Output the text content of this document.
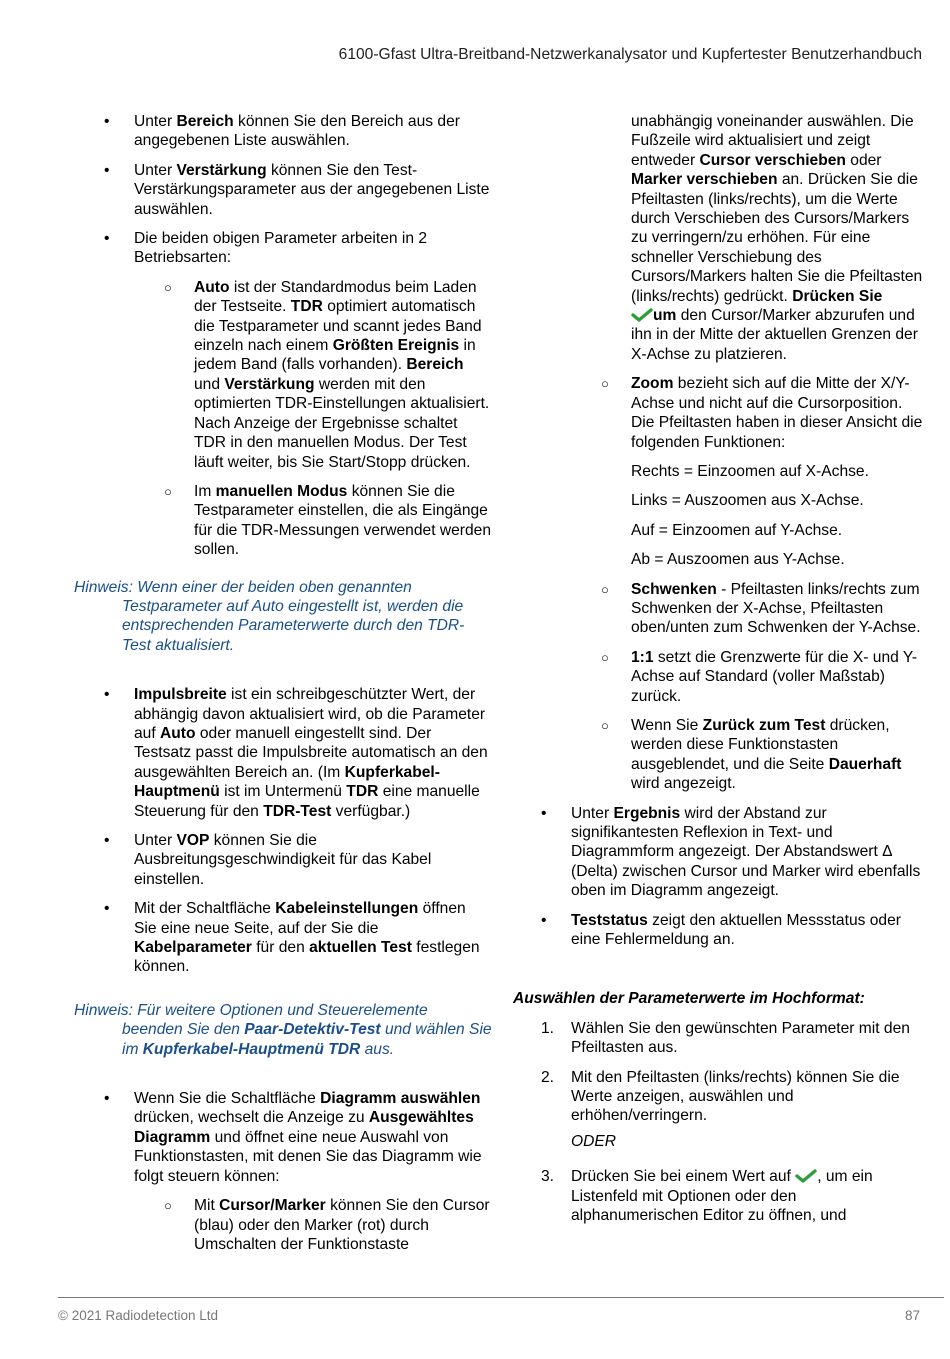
6100-Gfast Ultra-Breitband-Netzwerkanalysator und Kupfertester Benutzerhandbuch
• Unter Bereich können Sie den Bereich aus der angegebenen Liste auswählen.
• Unter Verstärkung können Sie den Test-Verstärkungsparameter aus der angegebenen Liste auswählen.
• Die beiden obigen Parameter arbeiten in 2 Betriebsarten:
○ Auto ist der Standardmodus beim Laden der Testseite. TDR optimiert automatisch die Testparameter und scannt jedes Band einzeln nach einem Größten Ereignis in jedem Band (falls vorhanden). Bereich und Verstärkung werden mit den optimierten TDR-Einstellungen aktualisiert. Nach Anzeige der Ergebnisse schaltet TDR in den manuellen Modus. Der Test läuft weiter, bis Sie Start/Stopp drücken.
○ Im manuellen Modus können Sie die Testparameter einstellen, die als Eingänge für die TDR-Messungen verwendet werden sollen.
Hinweis: Wenn einer der beiden oben genannten
Testparameter auf Auto eingestellt ist, werden die entsprechenden Parameterwerte durch den TDR-Test aktualisiert.
• Impulsbreite ist ein schreibgeschützter Wert, der abhängig davon aktualisiert wird, ob die Parameter auf Auto oder manuell eingestellt sind. Der Testsatz passt die Impulsbreite automatisch an den ausgewählten Bereich an. (Im Kupferkabel-Hauptmenü ist im Untermenü TDR eine manuelle Steuerung für den TDR-Test verfügbar.)
• Unter VOP können Sie die Ausbreitungsgeschwindigkeit für das Kabel einstellen.
• Mit der Schaltfläche Kabeleinstellungen öffnen Sie eine neue Seite, auf der Sie die Kabelparameter für den aktuellen Test festlegen können.
Hinweis: Für weitere Optionen und Steuerelemente
beenden Sie den Paar-Detektiv-Test und wählen Sie im Kupferkabel-Hauptmenü TDR aus.
• Wenn Sie die Schaltfläche Diagramm auswählen drücken, wechselt die Anzeige zu Ausgewähltes Diagramm und öffnet eine neue Auswahl von Funktionstasten, mit denen Sie das Diagramm wie folgt steuern können:
○ Mit Cursor/Marker können Sie den Cursor (blau) oder den Marker (rot) durch Umschalten der Funktionstaste
unabhängig voneinander auswählen. Die Fußzeile wird aktualisiert und zeigt entweder Cursor verschieben oder Marker verschieben an. Drücken Sie die Pfeiltasten (links/rechts), um die Werte durch Verschieben des Cursors/Markers zu verringern/zu erhöhen. Für eine schneller Verschiebung des Cursors/Markers halten Sie die Pfeiltasten (links/rechts) gedrückt. Drücken Sie
um den Cursor/Marker abzurufen und ihn in der Mitte der aktuellen Grenzen der X-Achse zu platzieren.
○ Zoom bezieht sich auf die Mitte der X/Y-Achse und nicht auf die Cursorposition. Die Pfeiltasten haben in dieser Ansicht die folgenden Funktionen:
Rechts = Einzoomen auf X-Achse.
Links = Auszoomen aus X-Achse.
Auf = Einzoomen auf Y-Achse.
Ab = Auszoomen aus Y-Achse.
○ Schwenken - Pfeiltasten links/rechts zum Schwenken der X-Achse, Pfeiltasten oben/unten zum Schwenken der Y-Achse.
○ 1:1 setzt die Grenzwerte für die X- und Y-Achse auf Standard (voller Maßstab) zurück.
○ Wenn Sie Zurück zum Test drücken, werden diese Funktionstasten ausgeblendet, und die Seite Dauerhaft wird angezeigt.
• Unter Ergebnis wird der Abstand zur signifikantesten Reflexion in Text- und Diagrammform angezeigt. Der Abstandswert Δ (Delta) zwischen Cursor und Marker wird ebenfalls oben im Diagramm angezeigt.
• Teststatus zeigt den aktuellen Messstatus oder eine Fehlermeldung an.
Auswählen der Parameterwerte im Hochformat:
1. Wählen Sie den gewünschten Parameter mit den Pfeiltasten aus.
2. Mit den Pfeiltasten (links/rechts) können Sie die Werte anzeigen, auswählen und erhöhen/verringern.
ODER
3. Drücken Sie bei einem Wert auf , um ein Listenfeld mit Optionen oder den alphanumerischen Editor zu öffnen, und
© 2021 Radiodetection Ltd	87
